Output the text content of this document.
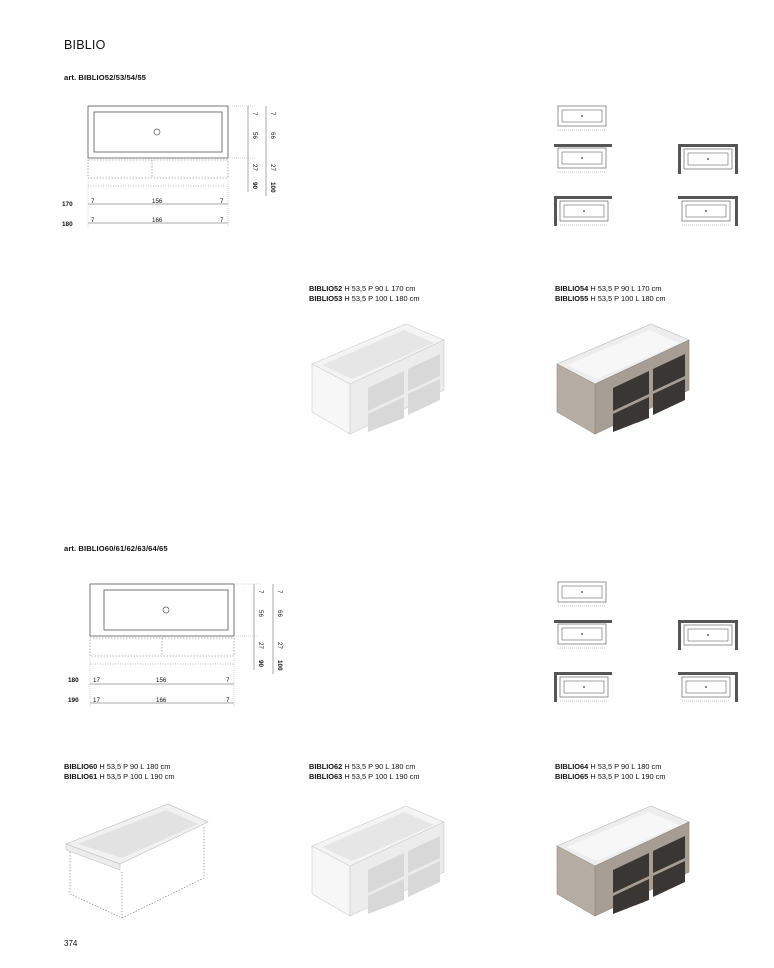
BIBLIO
art. BIBLIO52/53/54/55
7
56
27
90
7
66
27
100
170	7	156	7
180
7	166	7
BIBLIO52 H 53,5 P 90 L 170 cm
BIBLIO53 H 53,5 P 100 L 180 cm
BIBLIO54 H 53,5 P 90 L 170 cm
BIBLIO55 H 53,5 P 100 L 180 cm
art. BIBLIO60/61/62/63/64/65
7
56
27
90
7
66
27
100
180 17	156	7
190 17	166	7
BIBLIO60 H 53,5 P 90 L 180 cm
BIBLIO61 H 53,5 P 100 L 190 cm
BIBLIO62 H 53,5 P 90 L 180 cm
BIBLIO63 H 53,5 P 100 L 190 cm
BIBLIO64 H 53,5 P 90 L 180 cm
BIBLIO65 H 53,5 P 100 L 190 cm
374
